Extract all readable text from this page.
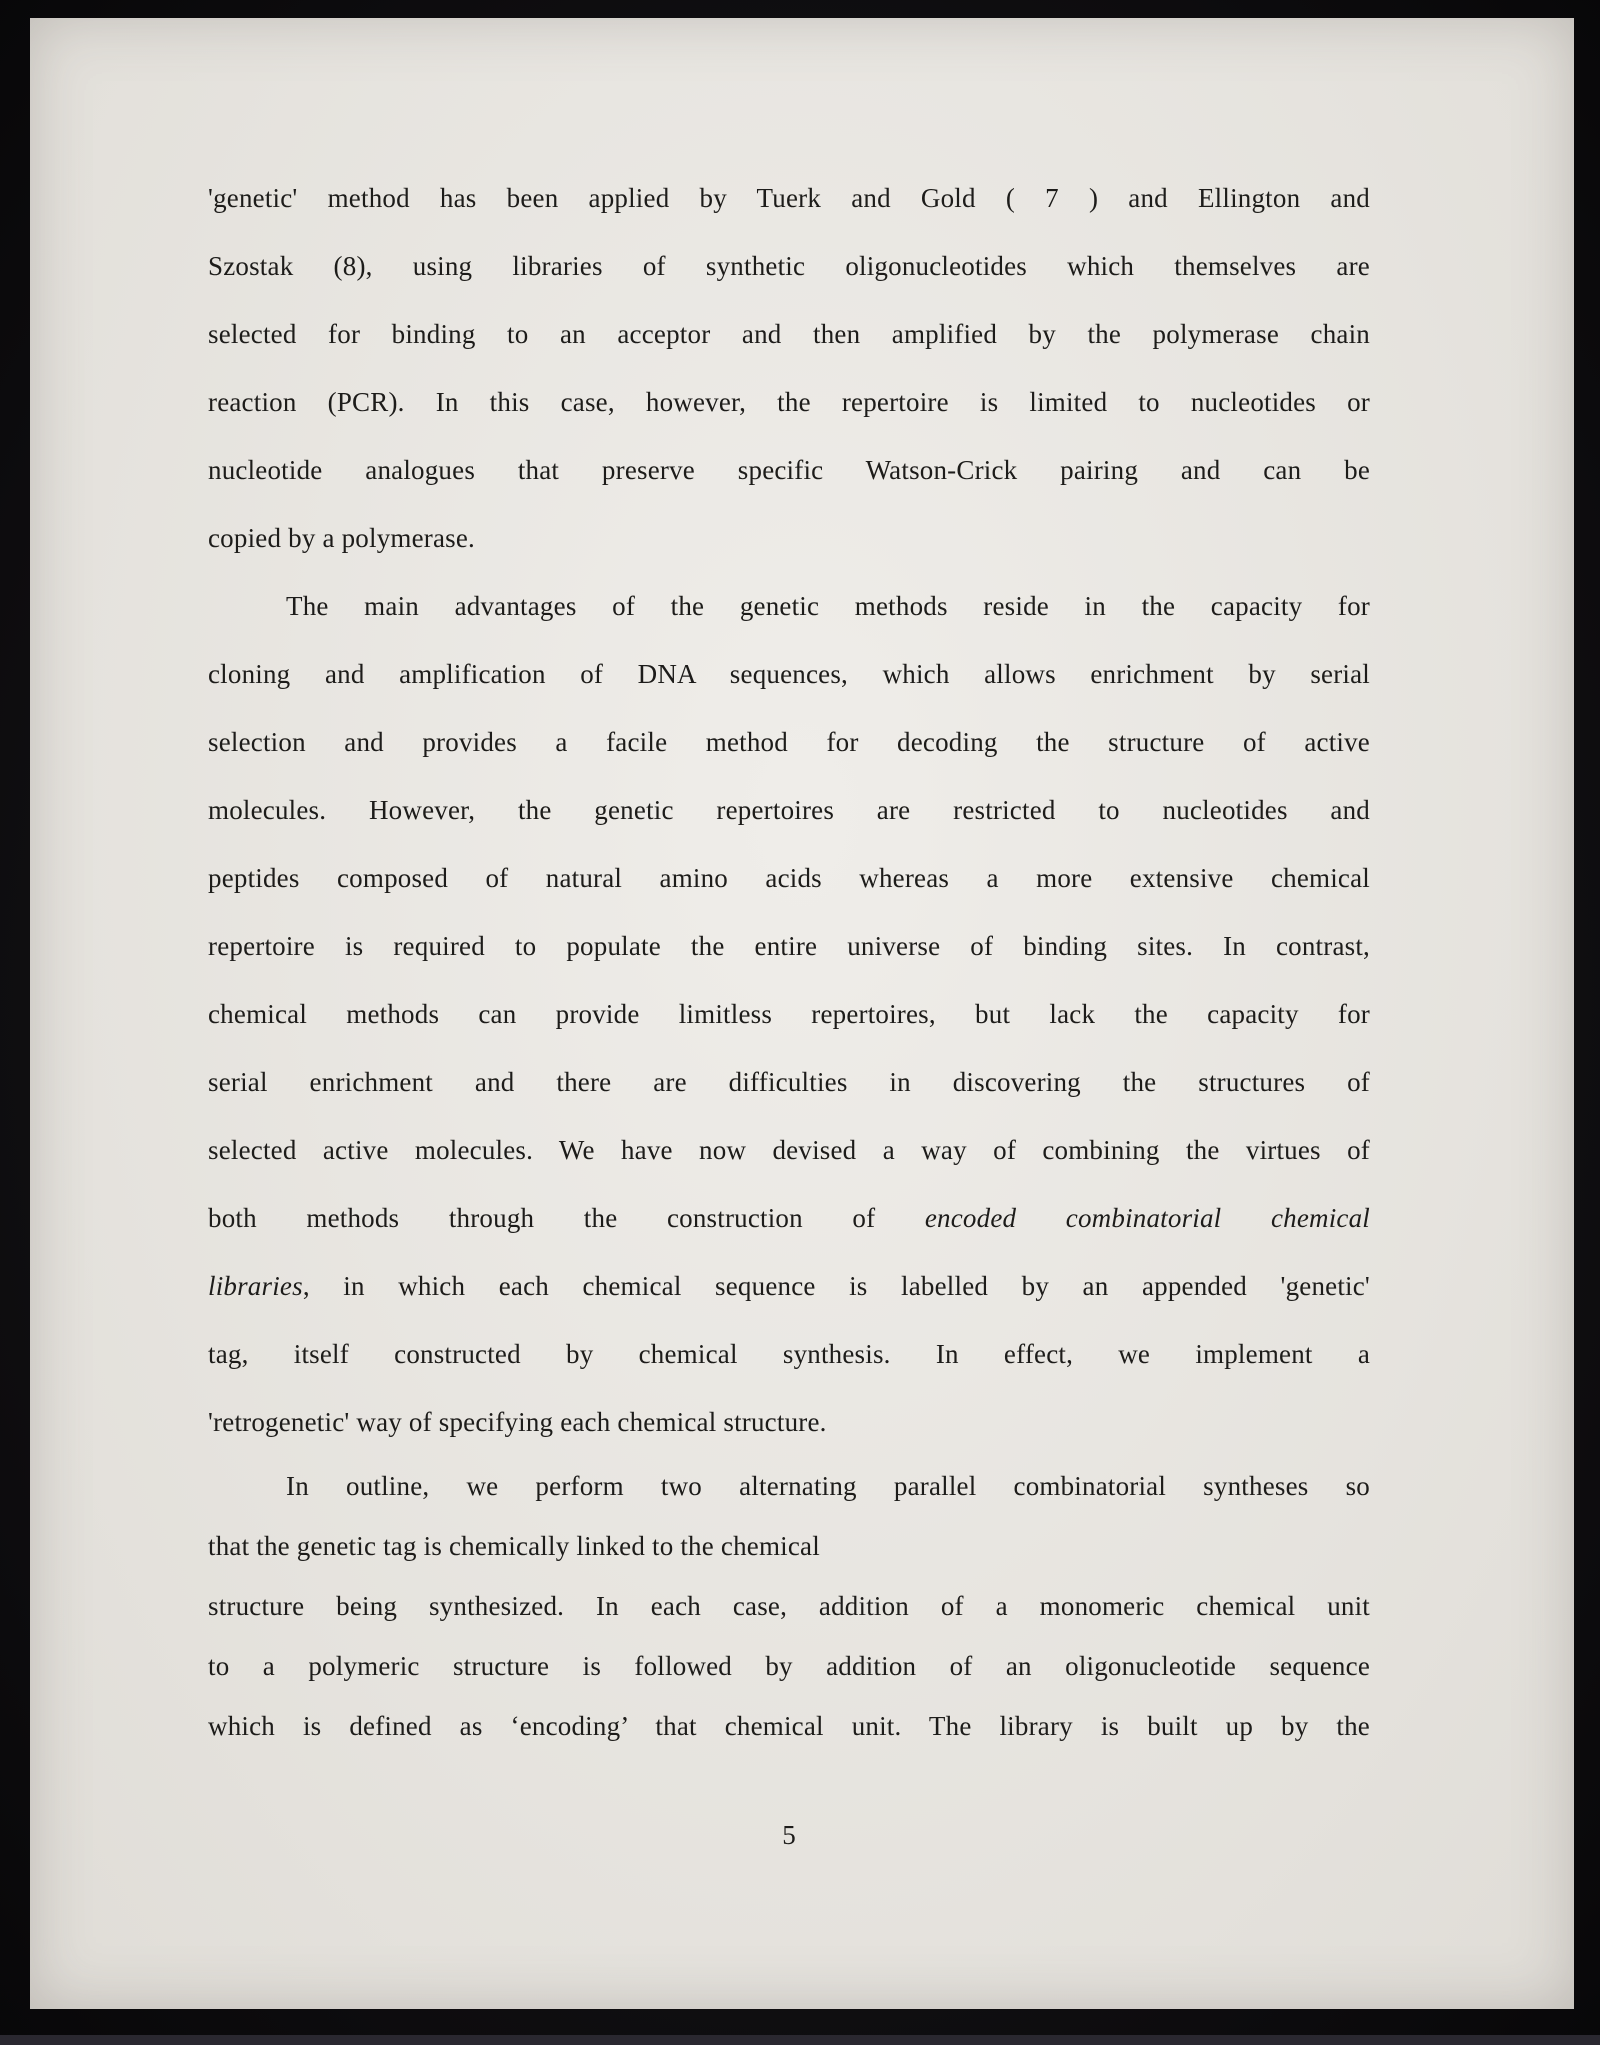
'genetic' method has been applied by Tuerk and Gold ( 7 ) and Ellington and
Szostak (8), using libraries of synthetic oligonucleotides which themselves are
selected for binding to an acceptor and then amplified by the polymerase chain
reaction (PCR). In this case, however, the repertoire is limited to nucleotides or
nucleotide analogues that preserve specific Watson-Crick pairing and can be
copied by a polymerase.
The main advantages of the genetic methods reside in the capacity for
cloning and amplification of DNA sequences, which allows enrichment by serial
selection and provides a facile method for decoding the structure of active
molecules. However, the genetic repertoires are restricted to nucleotides and
peptides composed of natural amino acids whereas a more extensive chemical
repertoire is required to populate the entire universe of binding sites. In contrast,
chemical methods can provide limitless repertoires, but lack the capacity for
serial enrichment and there are difficulties in discovering the structures of
selected active molecules. We have now devised a way of combining the virtues of
both methods through the construction of encoded combinatorial chemical
libraries, in which each chemical sequence is labelled by an appended 'genetic'
tag, itself constructed by chemical synthesis. In effect, we implement a
'retrogenetic' way of specifying each chemical structure.
In outline, we perform two alternating parallel combinatorial syntheses so
that the genetic tag is chemically linked to the chemical
structure being synthesized. In each case, addition of a monomeric chemical unit
to a polymeric structure is followed by addition of an oligonucleotide sequence
which is defined as ‘encoding’ that chemical unit. The library is built up by the
5
